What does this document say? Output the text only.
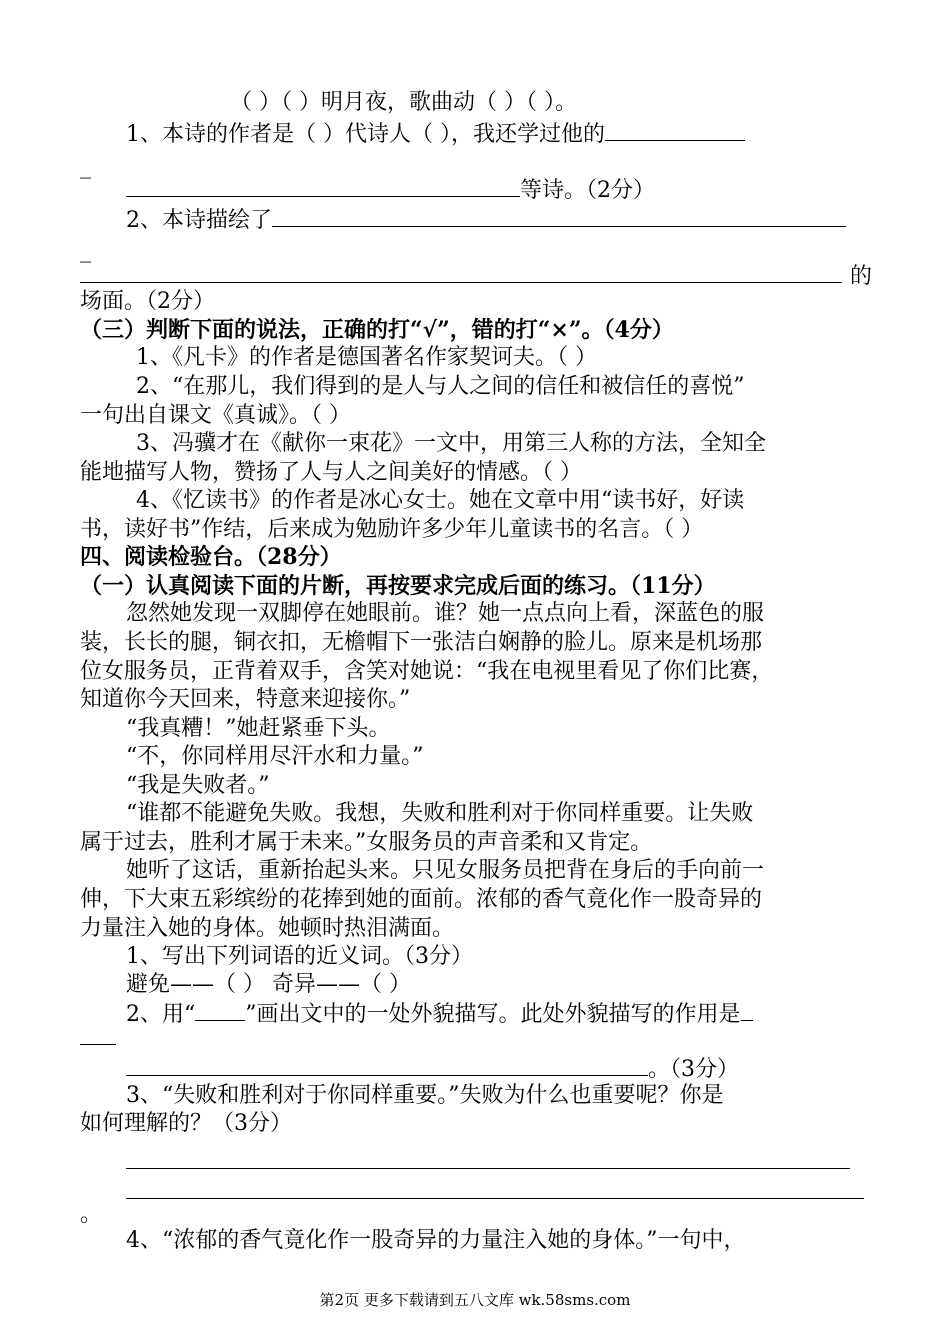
（ ）（ ）明月夜，歌曲动（ ）（ ）。
1、本诗的作者是（ ）代诗人（ ），我还学过他的
_
等诗。（2分）
2、本诗描绘了
_
的
场面。（2分）
（三）判断下面的说法，正确的打“√”，错的打“×”。（4分）
1、《凡卡》的作者是德国著名作家契诃夫。（ ）
2、“在那儿，我们得到的是人与人之间的信任和被信任的喜悦”
一句出自课文《真诚》。（ ）
3、冯骥才在《献你一束花》一文中，用第三人称的方法，全知全
能地描写人物，赞扬了人与人之间美好的情感。（ ）
4、《忆读书》的作者是冰心女士。她在文章中用“读书好，好读
书，读好书”作结，后来成为勉励许多少年儿童读书的名言。（ ）
四、阅读检验台。（28分）
（一）认真阅读下面的片断，再按要求完成后面的练习。（11分）
忽然她发现一双脚停在她眼前。谁？她一点点向上看，深蓝色的服
装，长长的腿，铜衣扣，无檐帽下一张洁白娴静的脸儿。原来是机场那
位女服务员，正背着双手，含笑对她说：“我在电视里看见了你们比赛，
知道你今天回来，特意来迎接你。”
“我真糟！”她赶紧垂下头。
“不，你同样用尽汗水和力量。”
“我是失败者。”
“谁都不能避免失败。我想，失败和胜利对于你同样重要。让失败
属于过去，胜利才属于未来。”女服务员的声音柔和又肯定。
她听了这话，重新抬起头来。只见女服务员把背在身后的手向前一
伸，下大束五彩缤纷的花捧到她的面前。浓郁的香气竟化作一股奇异的
力量注入她的身体。她顿时热泪满面。
1、写出下列词语的近义词。（3分）
避免——（ ） 奇异——（ ）
2、用“ ”画出文中的一处外貌描写。此处外貌描写的作用是
。（3分）
3、“失败和胜利对于你同样重要。”失败为什么也重要呢？你是
如何理解的？（3分）
。
4、“浓郁的香气竟化作一股奇异的力量注入她的身体。”一句中，
第2页 更多下载请到五八文库 wk.58sms.com
